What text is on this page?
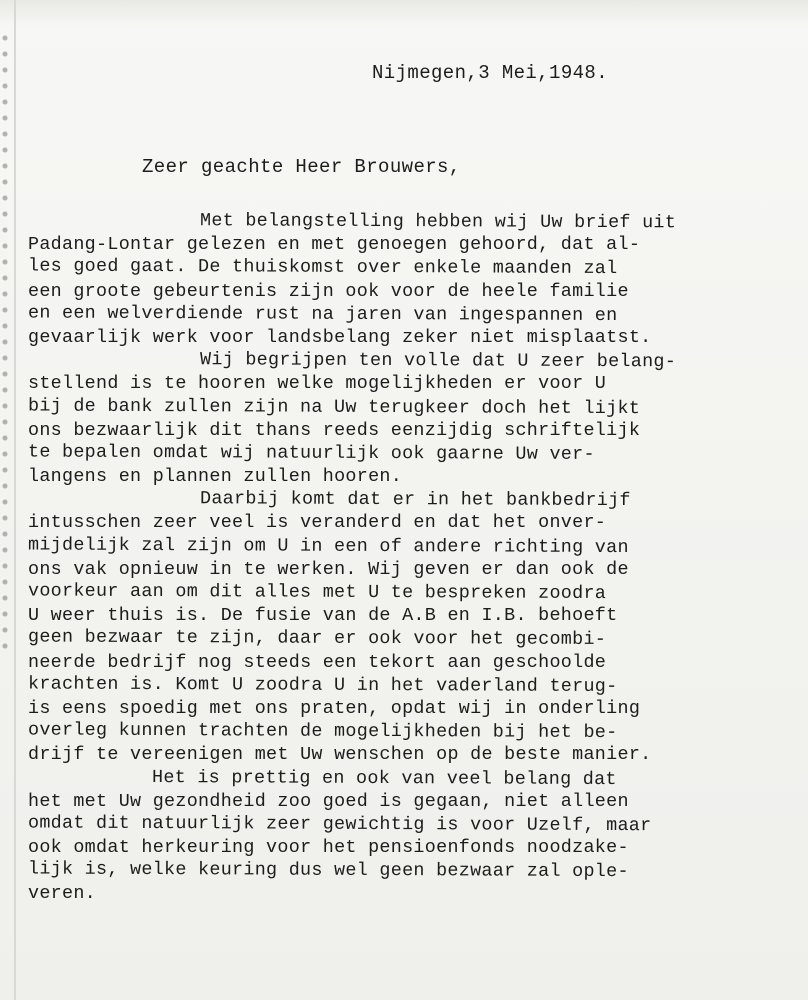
Nijmegen,3 Mei,1948.
Zeer geachte Heer Brouwers,
Met belangstelling hebben wij Uw brief uit
Padang-Lontar gelezen en met genoegen gehoord, dat al-
les goed gaat. De thuiskomst over enkele maanden zal
een groote gebeurtenis zijn ook voor de heele familie
en een welverdiende rust na jaren van ingespannen en
gevaarlijk werk voor landsbelang zeker niet misplaatst.
Wij begrijpen ten volle dat U zeer belang-
stellend is te hooren welke mogelijkheden er voor U
bij de bank zullen zijn na Uw terugkeer doch het lijkt
ons bezwaarlijk dit thans reeds eenzijdig schriftelijk
te bepalen omdat wij natuurlijk ook gaarne Uw ver-
langens en plannen zullen hooren.
Daarbij komt dat er in het bankbedrijf
intusschen zeer veel is veranderd en dat het onver-
mijdelijk zal zijn om U in een of andere richting van
ons vak opnieuw in te werken. Wij geven er dan ook de
voorkeur aan om dit alles met U te bespreken zoodra
U weer thuis is. De fusie van de A.B en I.B. behoeft
geen bezwaar te zijn, daar er ook voor het gecombi-
neerde bedrijf nog steeds een tekort aan geschoolde
krachten is. Komt U zoodra U in het vaderland terug-
is eens spoedig met ons praten, opdat wij in onderling
overleg kunnen trachten de mogelijkheden bij het be-
drijf te vereenigen met Uw wenschen op de beste manier.
Het is prettig en ook van veel belang dat
het met Uw gezondheid zoo goed is gegaan, niet alleen
omdat dit natuurlijk zeer gewichtig is voor Uzelf, maar
ook omdat herkeuring voor het pensioenfonds noodzake-
lijk is, welke keuring dus wel geen bezwaar zal ople-
veren.
